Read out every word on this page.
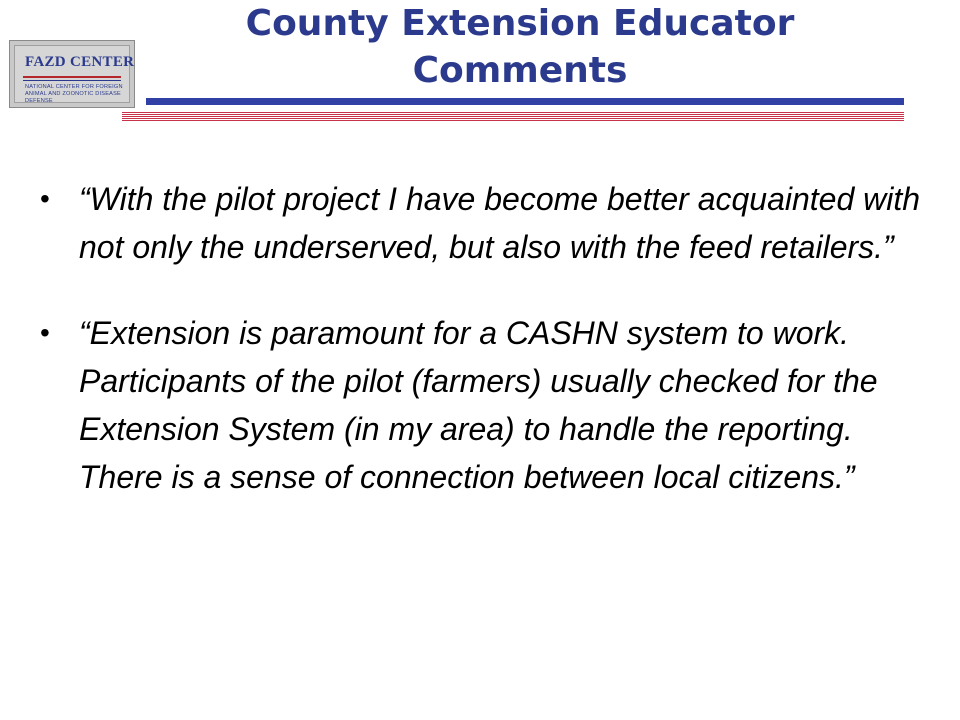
FAZD CENTER
NATIONAL CENTER FOR FOREIGN ANIMAL AND ZOONOTIC DISEASE DEFENSE
County Extension Educator Comments
• “With the pilot project I have become better acquainted with not only the underserved, but also with the feed retailers.”
• “Extension is paramount for a CASHN system to work. Participants of the pilot (farmers) usually checked for the Extension System (in my area) to handle the reporting. There is a sense of connection between local citizens.”
